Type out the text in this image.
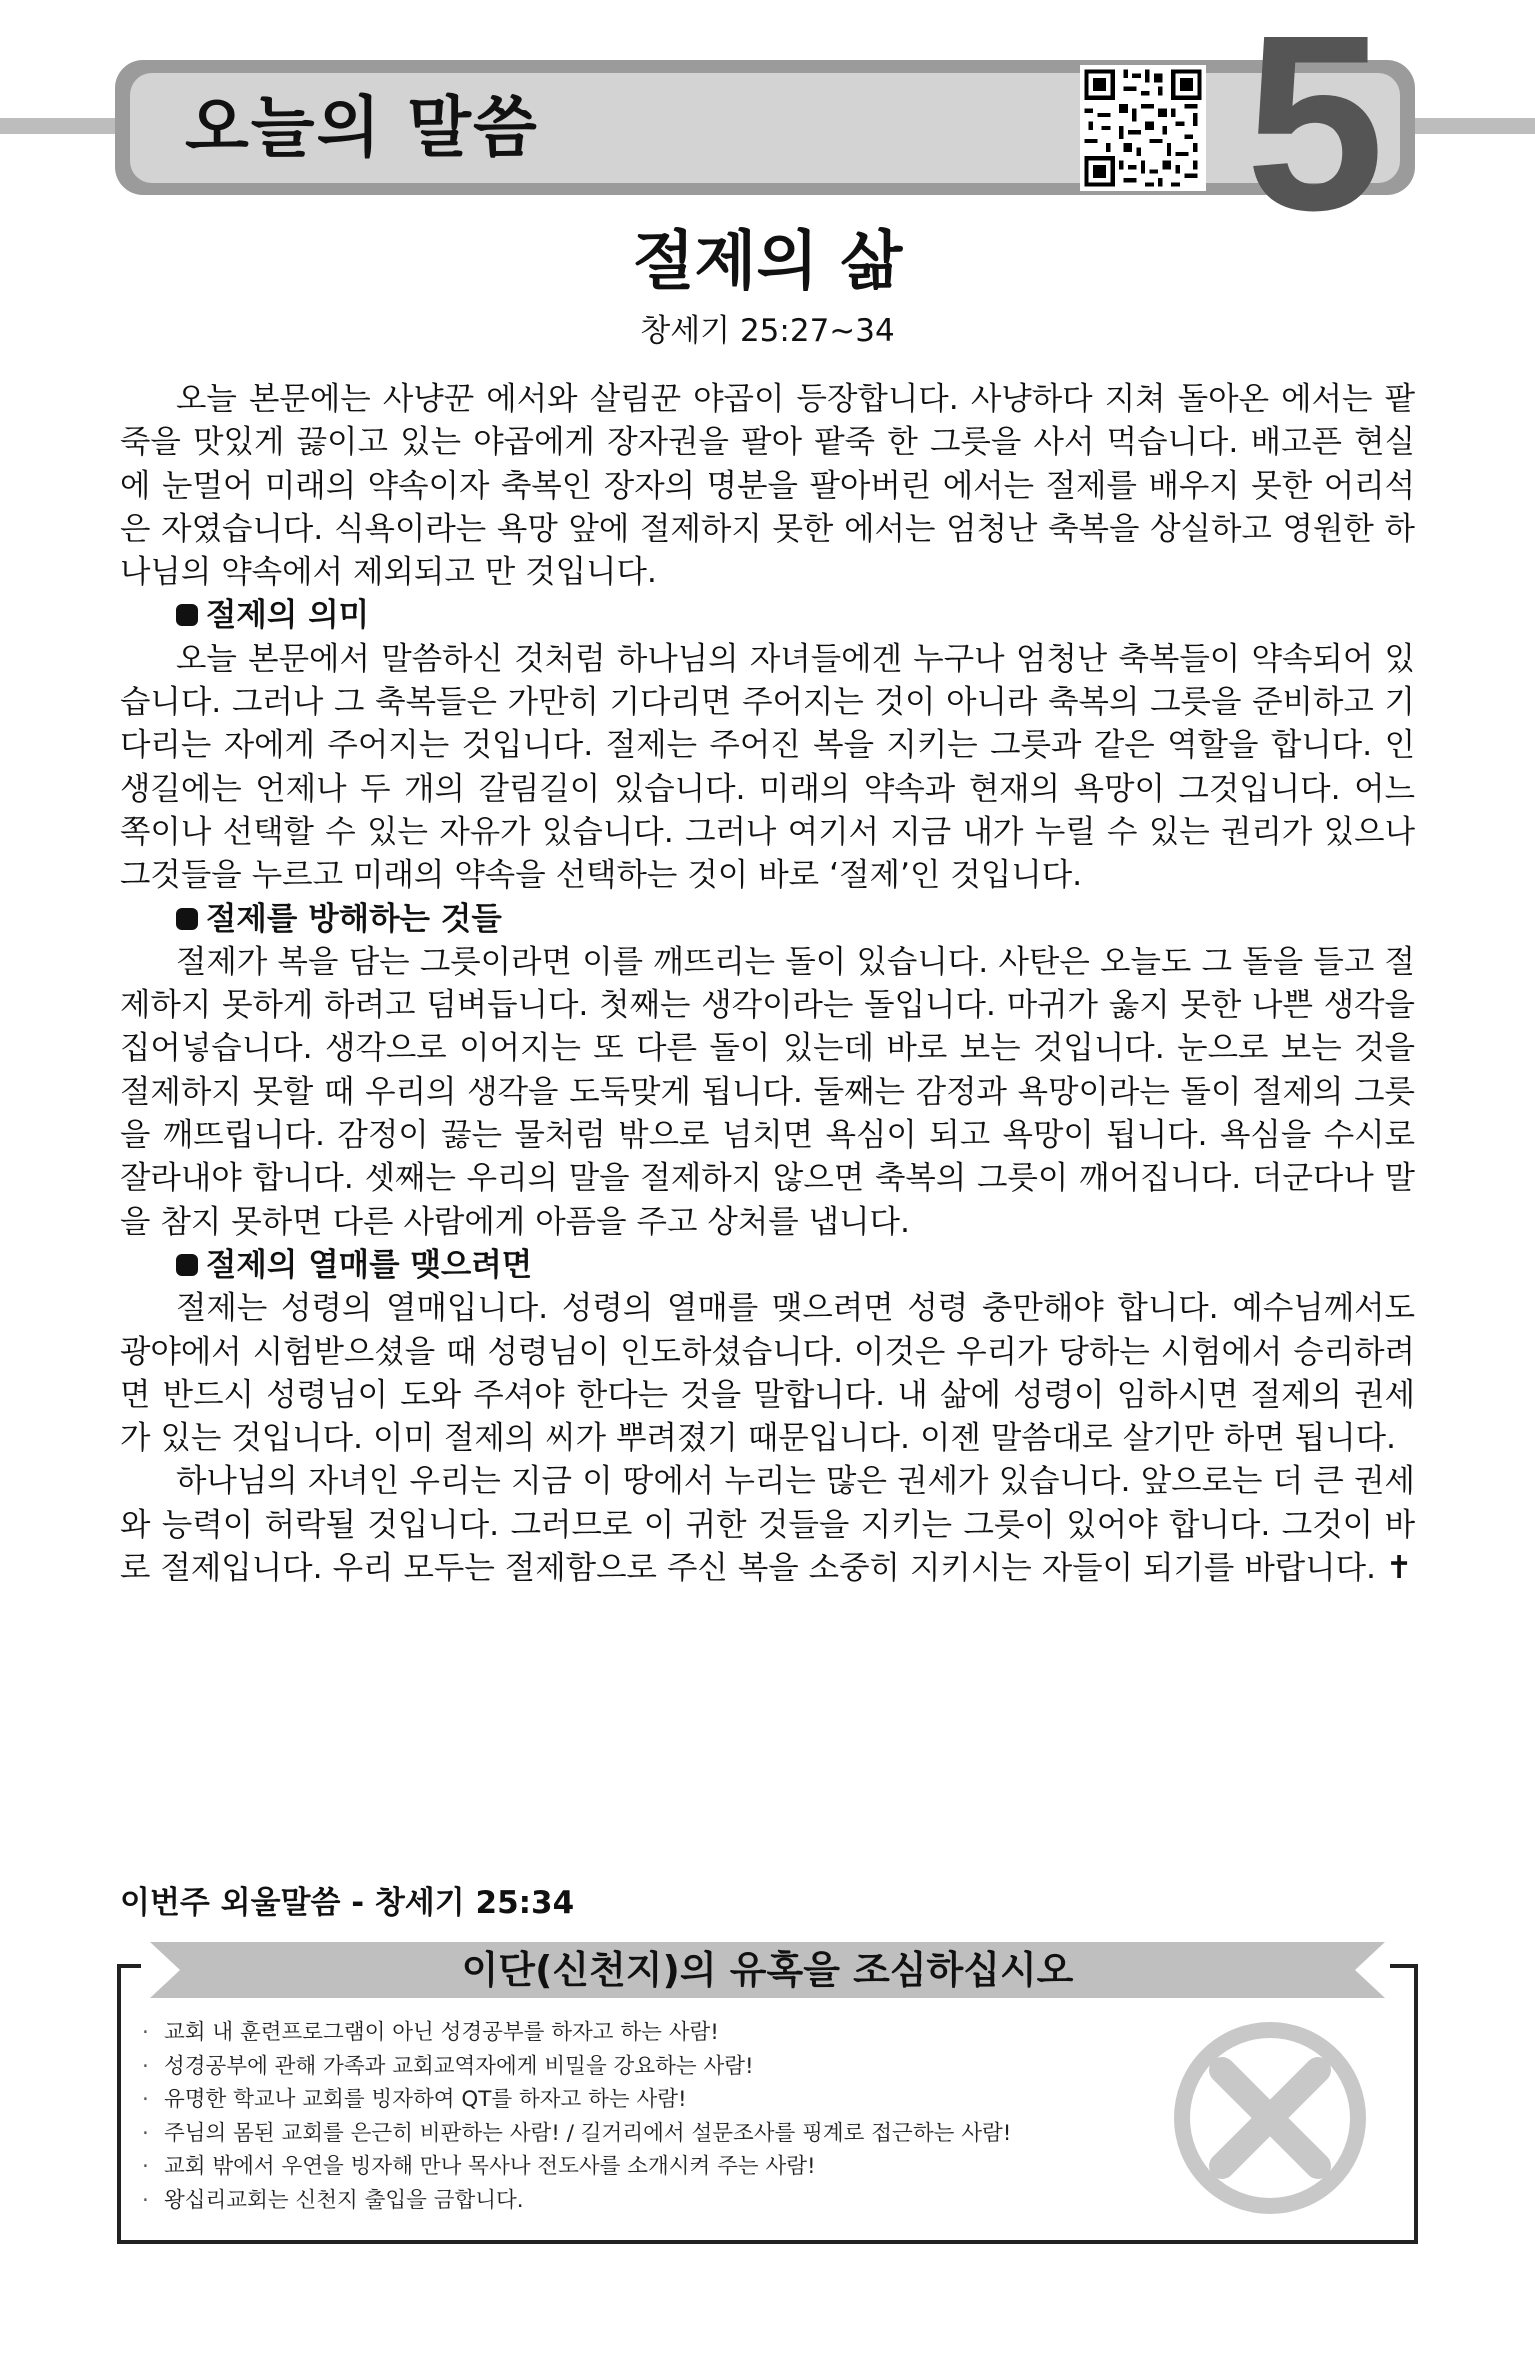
오늘의 말씀	5
절제의 삶
창세기 25:27~34

오늘 본문에는 사냥꾼 에서와 살림꾼 야곱이 등장합니다. 사냥하다 지쳐 돌아온 에서는 팥죽을 맛있게 끓이고 있는 야곱에게 장자권을 팔아 팥죽 한 그릇을 사서 먹습니다. 배고픈 현실에 눈멀어 미래의 약속이자 축복인 장자의 명분을 팔아버린 에서는 절제를 배우지 못한 어리석은 자였습니다. 식욕이라는 욕망 앞에 절제하지 못한 에서는 엄청난 축복을 상실하고 영원한 하나님의 약속에서 제외되고 만 것입니다.

절제의 의미

오늘 본문에서 말씀하신 것처럼 하나님의 자녀들에겐 누구나 엄청난 축복들이 약속되어 있습니다. 그러나 그 축복들은 가만히 기다리면 주어지는 것이 아니라 축복의 그릇을 준비하고 기다리는 자에게 주어지는 것입니다. 절제는 주어진 복을 지키는 그릇과 같은 역할을 합니다. 인생길에는 언제나 두 개의 갈림길이 있습니다. 미래의 약속과 현재의 욕망이 그것입니다. 어느 쪽이나 선택할 수 있는 자유가 있습니다. 그러나 여기서 지금 내가 누릴 수 있는 권리가 있으나 그것들을 누르고 미래의 약속을 선택하는 것이 바로 ‘절제’인 것입니다.

절제를 방해하는 것들

절제가 복을 담는 그릇이라면 이를 깨뜨리는 돌이 있습니다. 사탄은 오늘도 그 돌을 들고 절제하지 못하게 하려고 덤벼듭니다. 첫째는 생각이라는 돌입니다. 마귀가 옳지 못한 나쁜 생각을 집어넣습니다. 생각으로 이어지는 또 다른 돌이 있는데 바로 보는 것입니다. 눈으로 보는 것을 절제하지 못할 때 우리의 생각을 도둑맞게 됩니다. 둘째는 감정과 욕망이라는 돌이 절제의 그릇을 깨뜨립니다. 감정이 끓는 물처럼 밖으로 넘치면 욕심이 되고 욕망이 됩니다. 욕심을 수시로 잘라내야 합니다. 셋째는 우리의 말을 절제하지 않으면 축복의 그릇이 깨어집니다. 더군다나 말을 참지 못하면 다른 사람에게 아픔을 주고 상처를 냅니다.

절제의 열매를 맺으려면

절제는 성령의 열매입니다. 성령의 열매를 맺으려면 성령 충만해야 합니다. 예수님께서도 광야에서 시험받으셨을 때 성령님이 인도하셨습니다. 이것은 우리가 당하는 시험에서 승리하려면 반드시 성령님이 도와 주셔야 한다는 것을 말합니다. 내 삶에 성령이 임하시면 절제의 권세가 있는 것입니다. 이미 절제의 씨가 뿌려졌기 때문입니다. 이젠 말씀대로 살기만 하면 됩니다.

하나님의 자녀인 우리는 지금 이 땅에서 누리는 많은 권세가 있습니다. 앞으로는 더 큰 권세와 능력이 허락될 것입니다. 그러므로 이 귀한 것들을 지키는 그릇이 있어야 합니다. 그것이 바로 절제입니다. 우리 모두는 절제함으로 주신 복을 소중히 지키시는 자들이 되기를 바랍니다. ✝

이번주 외울말씀 - 창세기 25:34
이단(신천지)의 유혹을 조심하십시오
· 교회 내 훈련프로그램이 아닌 성경공부를 하자고 하는 사람!
· 성경공부에 관해 가족과 교회교역자에게 비밀을 강요하는 사람!
· 유명한 학교나 교회를 빙자하여 QT를 하자고 하는 사람!
· 주님의 몸된 교회를 은근히 비판하는 사람! / 길거리에서 설문조사를 핑계로 접근하는 사람!
· 교회 밖에서 우연을 빙자해 만나 목사나 전도사를 소개시켜 주는 사람!
· 왕십리교회는 신천지 출입을 금합니다.
